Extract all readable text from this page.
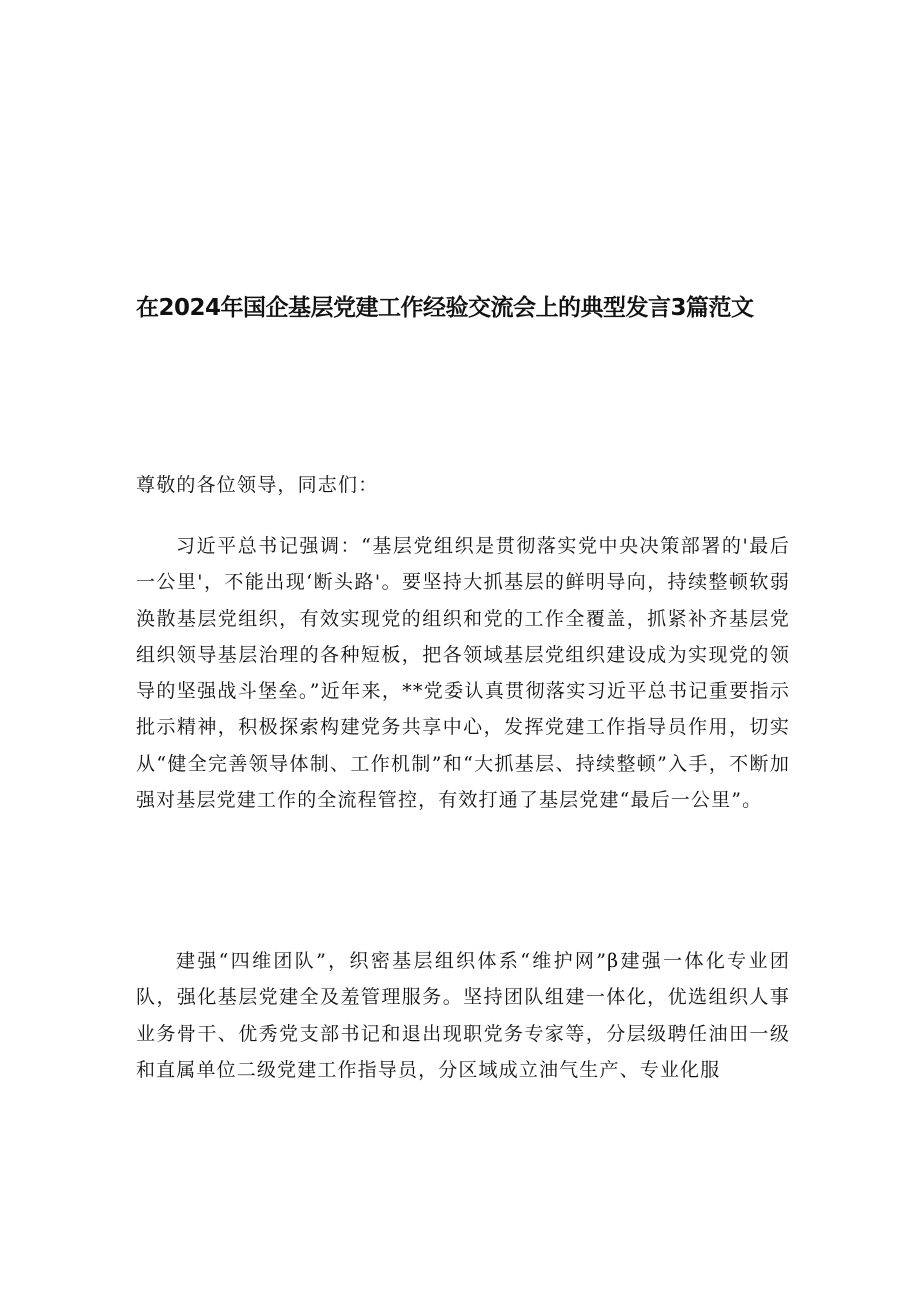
在2024年国企基层党建工作经验交流会上的典型发言3篇范文
尊敬的各位领导，同志们：

习近平总书记强调：“基层党组织是贯彻落实党中央决策部署的'最后一公里'，不能出现‘断头路'。要坚持大抓基层的鲜明导向，持续整顿软弱涣散基层党组织，有效实现党的组织和党的工作全覆盖，抓紧补齐基层党组织领导基层治理的各种短板，把各领域基层党组织建设成为实现党的领导的坚强战斗堡垒。”近年来，**党委认真贯彻落实习近平总书记重要指示批示精神，积极探索构建党务共享中心，发挥党建工作指导员作用，切实从“健全完善领导体制、工作机制”和“大抓基层、持续整顿”入手，不断加强对基层党建工作的全流程管控，有效打通了基层党建“最后一公里”。

建强“四维团队”，织密基层组织体系“维护网”β建强一体化专业团队，强化基层党建全及羞管理服务。坚持团队组建一体化，优选组织人事业务骨干、优秀党支部书记和退出现职党务专家等，分层级聘任油田一级和直属单位二级党建工作指导员，分区域成立油气生产、专业化服
